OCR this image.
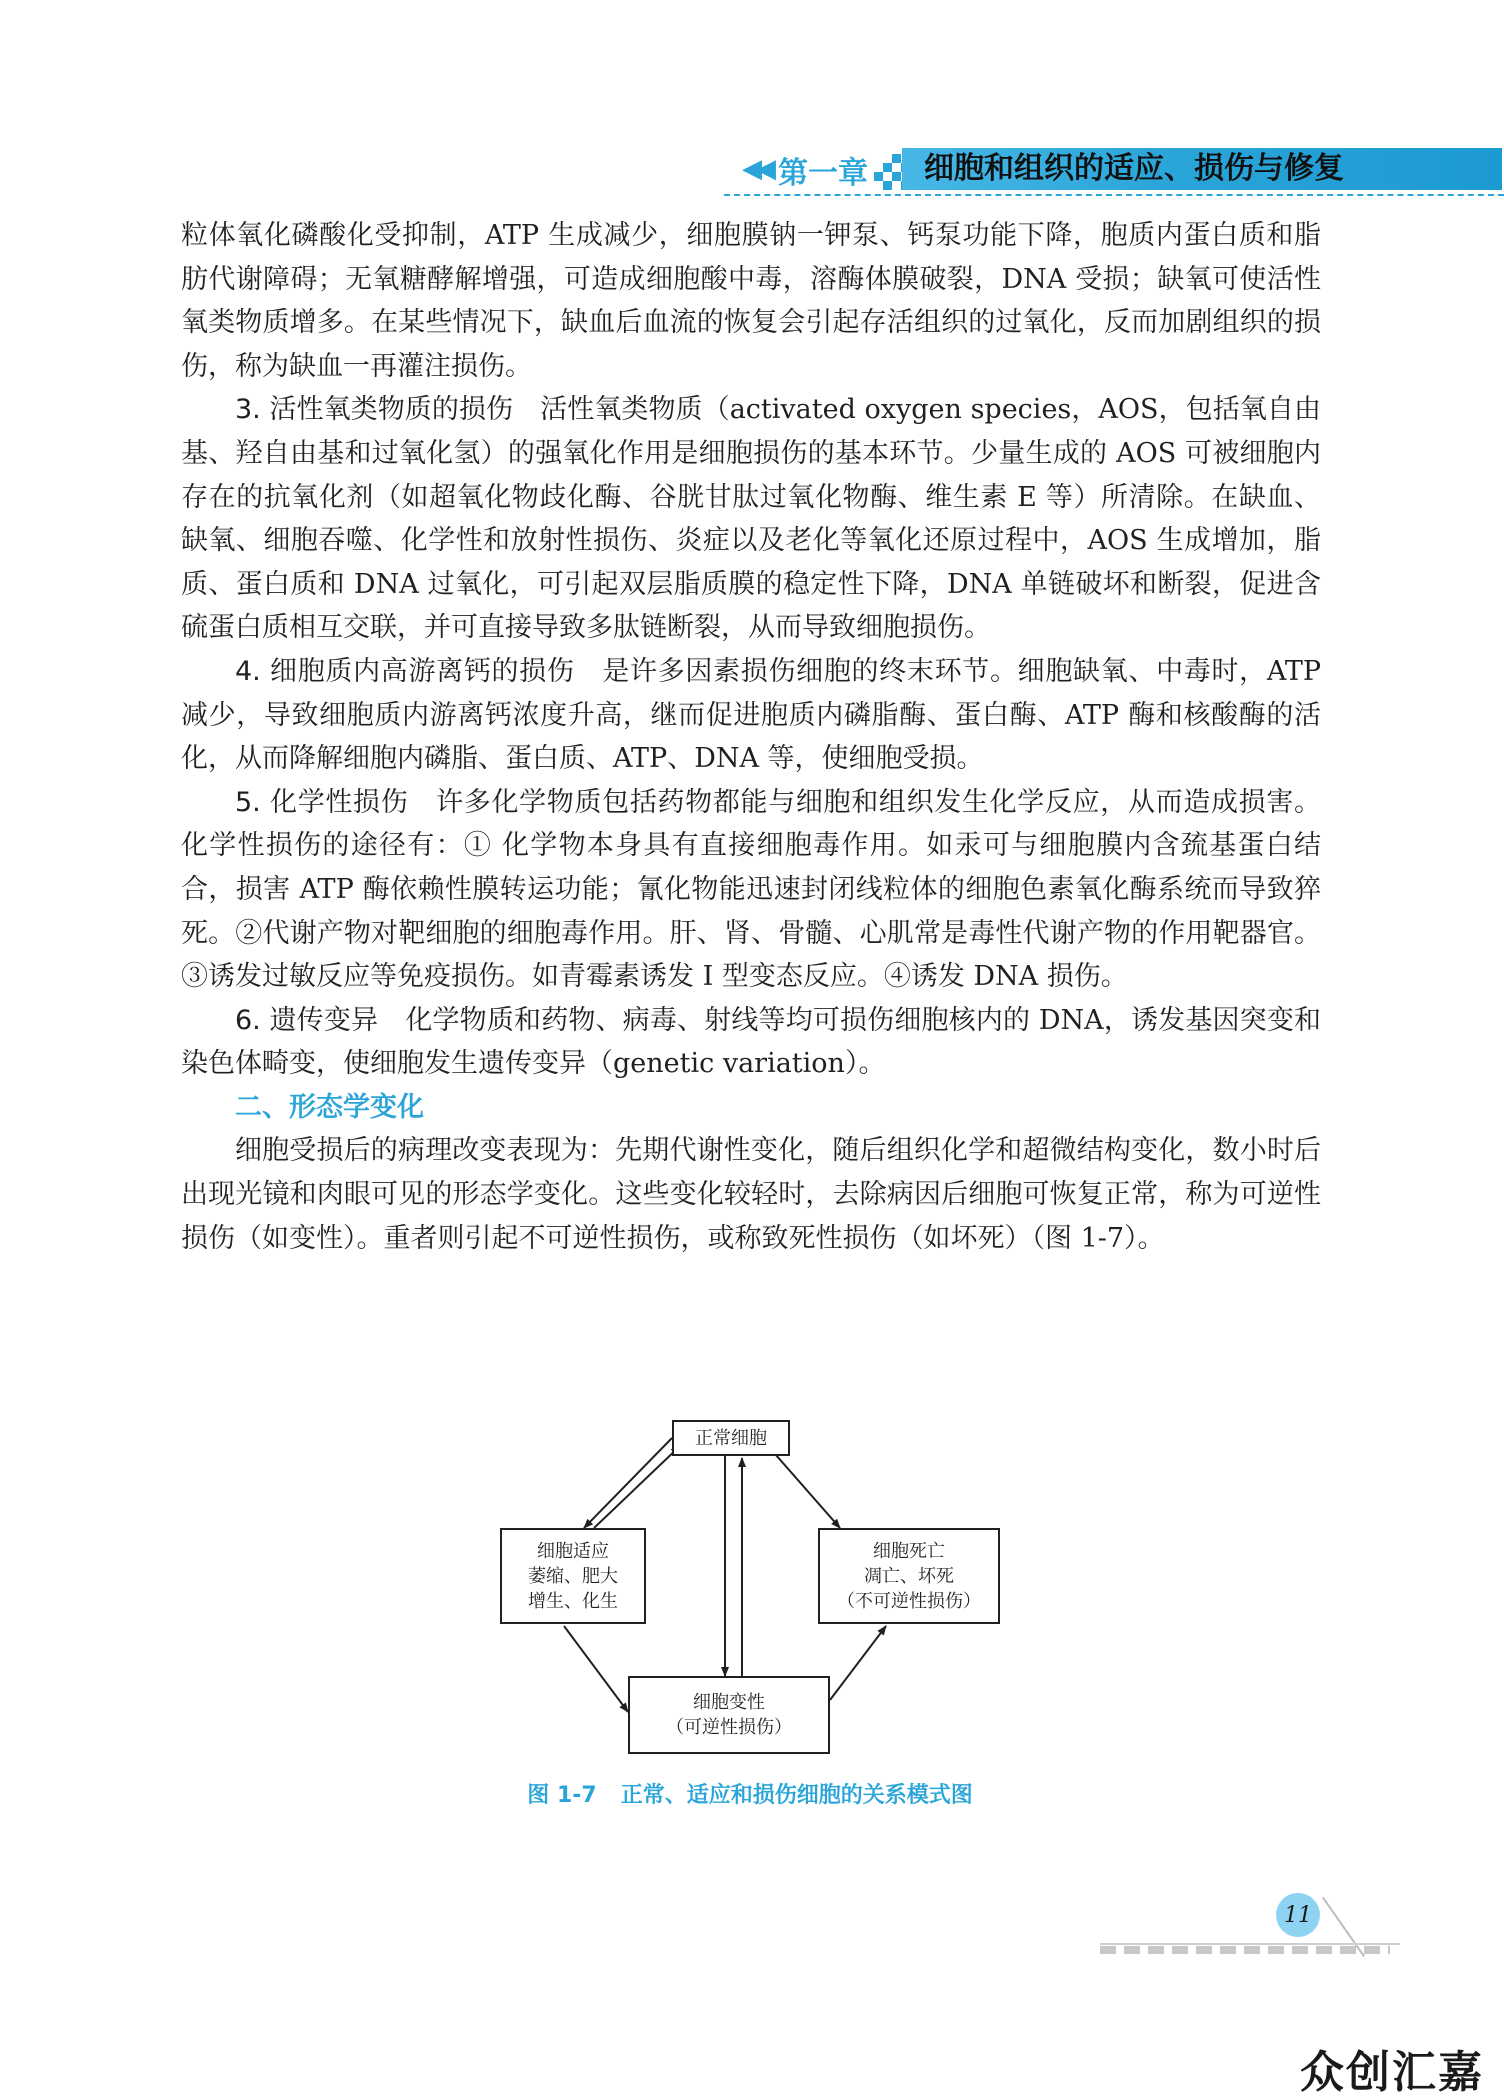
◀◀ 第一章 细胞和组织的适应、损伤与修复

粒体氧化磷酸化受抑制，ATP 生成减少，细胞膜钠一钾泵、钙泵功能下降，胞质内蛋白质和脂肪代谢障碍；无氧糖酵解增强，可造成细胞酸中毒，溶酶体膜破裂，DNA 受损；缺氧可使活性氧类物质增多。在某些情况下，缺血后血流的恢复会引起存活组织的过氧化，反而加剧组织的损伤，称为缺血一再灌注损伤。

3. 活性氧类物质的损伤　 活性氧类物质（activated oxygen species，AOS，包括氧自由基、羟自由基和过氧化氢）的强氧化作用是细胞损伤的基本环节。少量生成的 AOS 可被细胞内存在的抗氧化剂（如超氧化物歧化酶、谷胱甘肽过氧化物酶、维生素 E 等）所清除。在缺血、缺氧、细胞吞噬、化学性和放射性损伤、炎症以及老化等氧化还原过程中，AOS 生成增加，脂质、蛋白质和 DNA 过氧化，可引起双层脂质膜的稳定性下降，DNA 单链破坏和断裂，促进含硫蛋白质相互交联，并可直接导致多肽链断裂，从而导致细胞损伤。

4. 细胞质内高游离钙的损伤　 是许多因素损伤细胞的终末环节。细胞缺氧、中毒时，ATP 减少，导致细胞质内游离钙浓度升高，继而促进胞质内磷脂酶、蛋白酶、ATP 酶和核酸酶的活化，从而降解细胞内磷脂、蛋白质、ATP、DNA 等，使细胞受损。

5. 化学性损伤　 许多化学物质包括药物都能与细胞和组织发生化学反应，从而造成损害。化学性损伤的途径有：① 化学物本身具有直接细胞毒作用。如汞可与细胞膜内含巯基蛋白结合，损害 ATP 酶依赖性膜转运功能；氰化物能迅速封闭线粒体的细胞色素氧化酶系统而导致猝死。②代谢产物对靶细胞的细胞毒作用。肝、肾、骨髓、心肌常是毒性代谢产物的作用靶器官。③诱发过敏反应等免疫损伤。如青霉素诱发 Ⅰ 型变态反应。④诱发 DNA 损伤。

6. 遗传变异　 化学物质和药物、病毒、射线等均可损伤细胞核内的 DNA，诱发基因突变和染色体畸变，使细胞发生遗传变异（genetic variation）。

二、形态学变化

细胞受损后的病理改变表现为：先期代谢性变化，随后组织化学和超微结构变化，数小时后出现光镜和肉眼可见的形态学变化。这些变化较轻时，去除病因后细胞可恢复正常，称为可逆性损伤（如变性）。重者则引起不可逆性损伤，或称致死性损伤（如坏死）（图 1-7）。

正常细胞
细胞适应
萎缩、肥大
增生、化生
细胞死亡
凋亡、坏死
（不可逆性损伤）
细胞变性
（可逆性损伤）
图 1-7 正常、适应和损伤细胞的关系模式图
11
众创汇嘉
